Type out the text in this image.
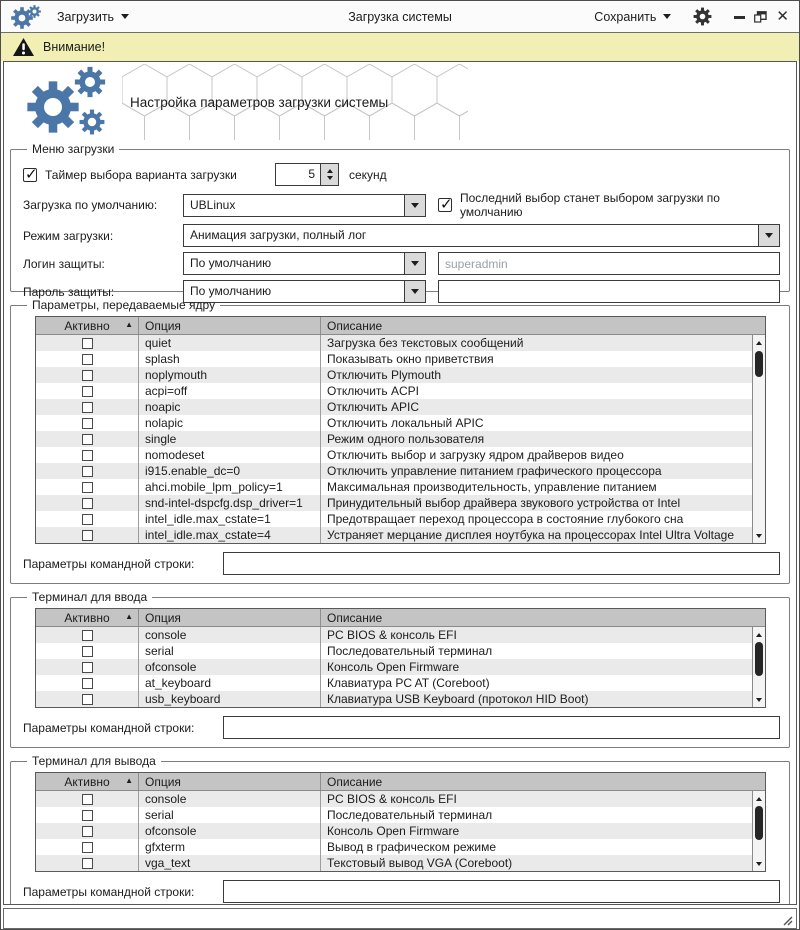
Загрузить	Загрузка системы	Сохранить	✕
Внимание!
Настройка параметров загрузки системы
Меню загрузки
✓
Таймер выбора варианта загрузки	5	секунд
Загрузка по умолчанию:	UBLinux ✓	Последний выбор станет выбором загрузки по умолчанию
Режим загрузки:	Анимация загрузки, полный лог
Логин защиты:	По умолчанию
superadmin
Пароль защиты:	По умолчанию
Параметры, передаваемые ядру
Активно ▲	Опция	Описание
quiet	Загрузка без текстовых сообщений
splash	Показывать окно приветствия
noplymouth	Отключить Plymouth
acpi=off	Отключить ACPI
noapic	Отключить APIC
nolapic	Отключить локальный APIC
single	Режим одного пользователя
nomodeset	Отключить выбор и загрузку ядром драйверов видео
i915.enable_dc=0	Отключить управление питанием графического процессора
ahci.mobile_lpm_policy=1	Максимальная производительность, управление питанием
snd-intel-dspcfg.dsp_driver=1	Принудительный выбор драйвера звукового устройства от Intel
intel_idle.max_cstate=1	Предотвращает переход процессора в состояние глубокого сна
intel_idle.max_cstate=4	Устраняет мерцание дисплея ноутбука на процессорах Intel Ultra Voltage
Параметры командной строки:
Терминал для ввода
Активно ▲	Опция	Описание
console	PC BIOS & консоль EFI
serial	Последовательный терминал
ofconsole	Консоль Open Firmware
at_keyboard	Клавиатура PC AT (Coreboot)
usb_keyboard	Клавиатура USB Keyboard (протокол HID Boot)
Параметры командной строки:
Терминал для вывода
Активно ▲	Опция	Описание
console	PC BIOS & консоль EFI
serial	Последовательный терминал
ofconsole	Консоль Open Firmware
gfxterm	Вывод в графическом режиме
vga_text	Текстовый вывод VGA (Coreboot)
Параметры командной строки:
